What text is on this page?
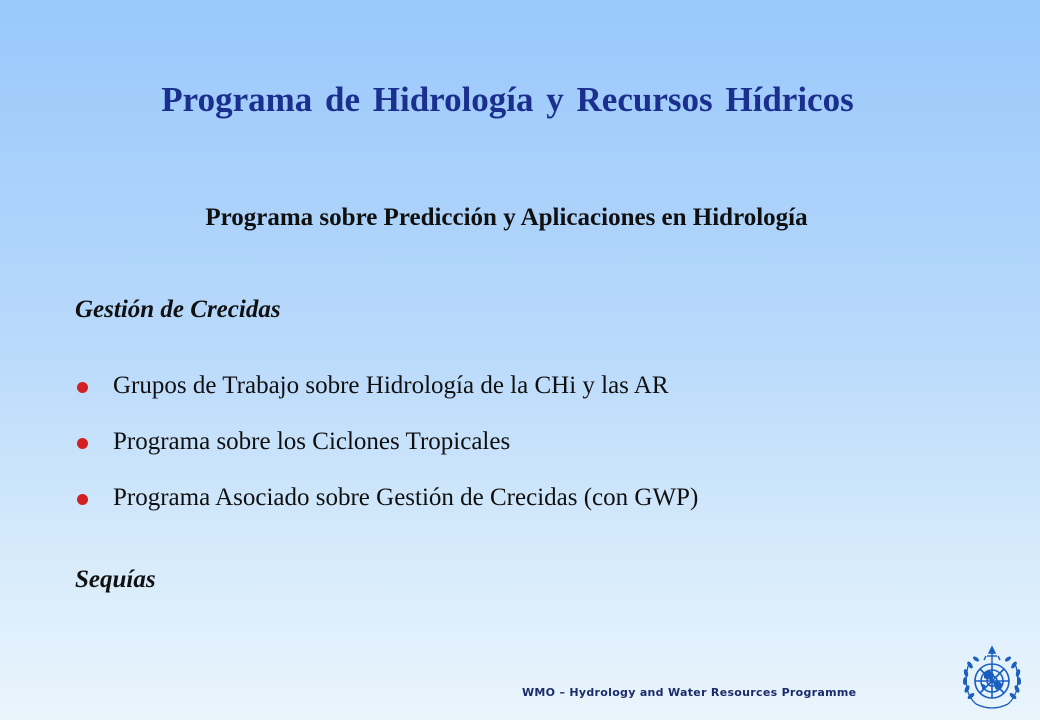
Programa de Hidrología y Recursos Hídricos
Programa sobre Predicción y Aplicaciones en Hidrología
Gestión de Crecidas
Grupos de Trabajo sobre Hidrología de la CHi y las AR
Programa sobre los Ciclones Tropicales
Programa Asociado sobre Gestión de Crecidas (con GWP)
Sequías

WMO – Hydrology and Water Resources Programme
